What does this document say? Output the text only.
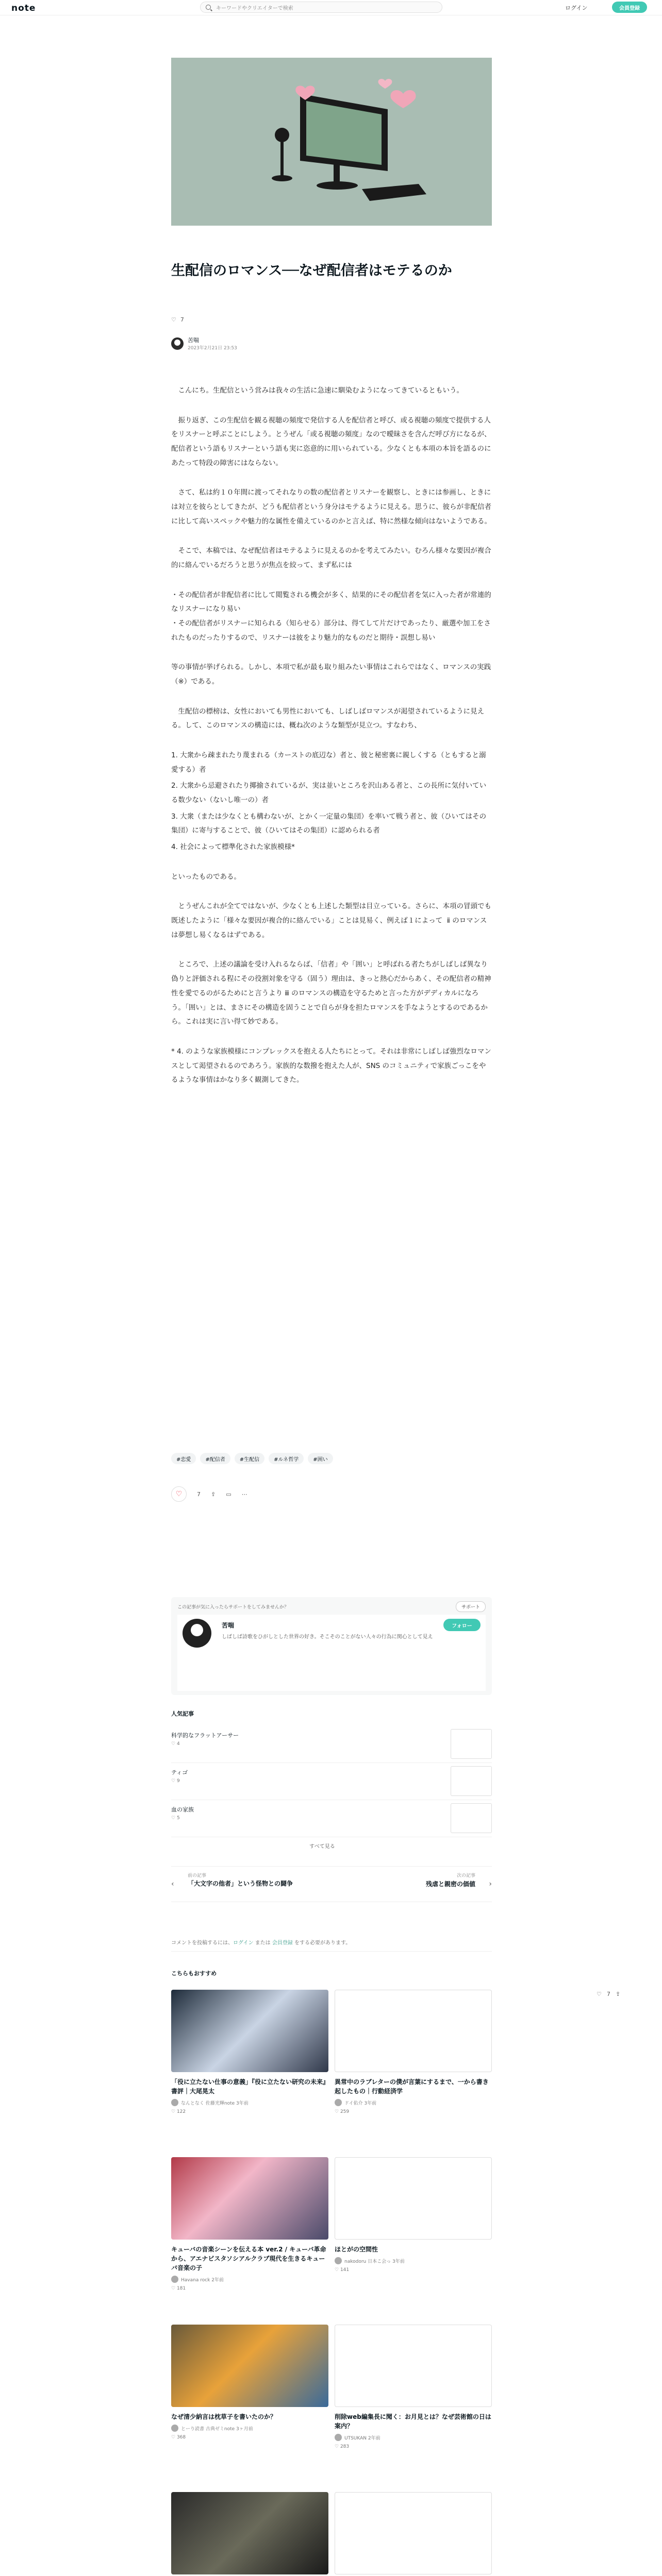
note	キーワードやクリエイターで検索	ログイン	会員登録
生配信のロマンス──なぜ配信者はモテるのか
♡ 7
苦喘
2023年2月21日 23:53

こんにち。生配信という営みは我々の生活に急速に馴染むようになってきているともいう。

振り返ぎ、この生配信を観る視聴の頻度で発信する人を配信者と呼び、或る視聴の頻度で提供する人をリスナーと呼ぶことにしよう。とうぜん「或る視聴の頻度」なので曖昧さを含んだ呼び方になるが、配信者という語もリスナーという語も実に恣意的に用いられている。少なくとも本項の本旨を語るのにあたって特段の障害にはならない。

さて、私は約１０年間に渡ってそれなりの数の配信者とリスナーを観察し、ときには参画し、ときには対立を彼らとしてきたが、どうも配信者という身分はモテるように見える。思うに、彼らが非配信者に比して高いスペックや魅力的な属性を備えているのかと言えば、特に然様な傾向はないようである。

そこで、本稿では、なぜ配信者はモテるように見えるのかを考えてみたい。むろん様々な要因が複合的に絡んでいるだろうと思うが焦点を絞って、まず私には

・その配信者が非配信者に比して閲覧される機会が多く、結果的にその配信者を気に入った者が常連的なリスナーになり易い
・その配信者がリスナーに知られる（知らせる）部分は、得てして片だけであったり、厳選や加工をされたものだったりするので、リスナーは彼をより魅力的なものだと期待・誤想し易い

等の事情が挙げられる。しかし、本項で私が最も取り組みたい事情はこれらではなく、ロマンスの実践（※）である。

生配信の標榜は、女性においても男性においても、しばしばロマンスが渇望されているように見える。して、このロマンスの構造には、概ね次のような類型が見立つ。すなわち、

1. 大衆から疎まれたり蔑まれる（カーストの底辺な）者と、彼と秘密裏に親しくする（ともすると溺愛する）者
2. 大衆から忌避されたり揶揄されているが、実は並いところを沢山ある者と、この長所に気付いている数少ない（ないし唯一の）者
3. 大衆（または少なくとも構わないが、とかく一定量の集団）を率いて戦う者と、彼（ひいてはその集団）に寄与することで、彼（ひいてはその集団）に認められる者
4. 社会によって標準化された家族模様*

といったものである。

とうぜんこれが全てではないが、少なくとも上述した類型は目立っている。さらに、本項の冒頭でも既述したように「様々な要因が複合的に絡んでいる」ことは見易く、例えば１によって  ⅱ のロマンスは夢想し易くなるはずである。

ところで、上述の議論を受け入れるならば、「信者」や「囲い」と呼ばれる者たちがしばしば異なり偽りと評価される程にその役割対象を守る（固う）理由は、きっと熱心だからあく、その配信者の精神性を愛でるのがるためにと言うより ⅲ のロマンスの構造を守るためと言った方がデディカルになろう。「囲い」とは、まさにその構造を固うことで自らが身を担たロマンスを手なようとするのであるから。これは実に言い得て妙である。

* 4. のような家族模様にコンプレックスを抱える人たちにとって。それは非常にしばしば強烈なロマンスとして渇望されるのであろう。家族的な数撥を抱えた人が、SNS のコミュニティで家族ごっこをやるような事情はかなり多く観測してきた。

#恋愛	#配信者	#生配信	#ルネ哲学	#囲い
♡	7 ⇪ ▭ ⋯
この記事が気に入ったらサポートをしてみませんか？	サポート
苦喘
しばしば詩歌をひがしとした世界の好き。そこそのことがない人々の行為に関心として見え
フォロー
人気記事
科学的なフラットアーサー
♡ 4
ティゴ
♡ 9
血の家族
♡ 5
すべて見る
‹
前の記事
「大文字の他者」という怪物との闘争
次の記事
残虐と親密の価値	›
コメントを投稿するには、ログイン または 会員登録 をする必要があります。
こちらもおすすめ
♡ 7 ⇪
「役に立たない仕事の意義」『役に立たない研究の未来』書評｜大尾晃太
なんとなく 佐藤光輝note 3年前
♡ 122
異常中のラブレターの僕が言葉にするまで、一から書き起したもの｜行動経済学
ドイ佑介 3年前
♡ 259
キューバの音楽シーンを伝える本 ver.2 / キューバ革命から、アエナビスタソシアルクラブ現代を生きるキューバ音楽の子
Havana rock 2年前
♡ 181
ほとがの空間性
nakodoru 日本こ会っ 3年前
♡ 141
なぜ清少納言は枕草子を書いたのか？
とーり読書 古典ゼミnote 3ヶ月前
♡ 368
削除web編集長に聞く：お月見とは？なぜ芸術館の日は案内？
UTSUKAN 2年前
♡ 283
